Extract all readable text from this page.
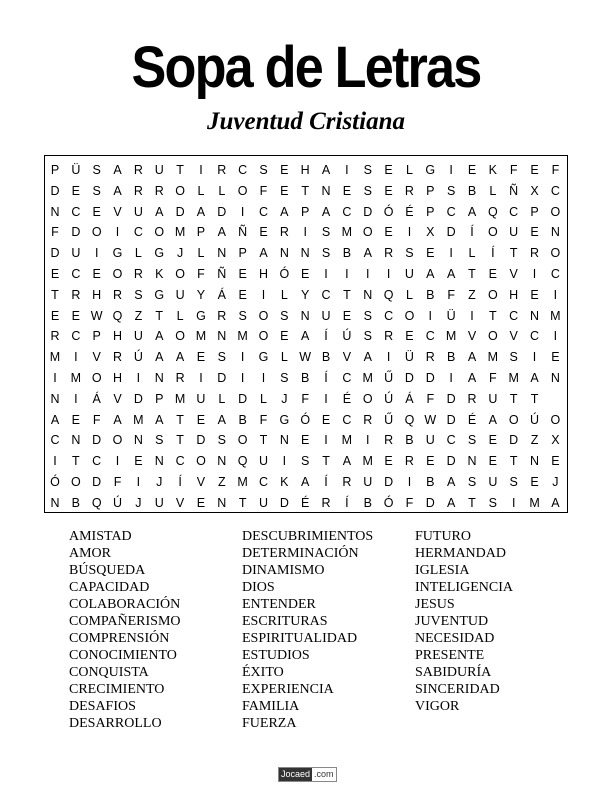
Sopa de Letras
Juventud Cristiana
P Ü S	A R U	T	I	R C S	E H A	I	S	E	L	G	I	E	K	F	E	F
D E	S	A R R O	L	L	O F	E	T	N E	S	E R P	S	B	L	Ñ X C
N C E	V U A D A D	I	C A	P	A C D Ó É	P C A Q C P O
F	D O	I	C O M P	A Ñ E R	I	S M O E	I	X D	Í	O U E N
D U	I	G	L	G	J	L	N P	A N N S	B	A R S	E	I	L	Í	T	R O
E C E O R K O F	Ñ E H Ó E	I	I	I	I	U A	A	T	E	V	I	C
T	R H R S G U Y	Á	E	I	L	Y C	T	N Q	L	B	F	Z O H E	I
E	E W Q Z	T	L	G R S O S N U E	S C O	I	Ü	I	T	C N M
R C P H U A O M N M O E	A	Í	Ú S R E C M V O V C	I
M	I	V R Ú A	A	E	S	I	G	L W B	V	A	I	Ü R B	A M S	I	E
I	M O H	I	N R	I	D	I	I	S	B	Í	C M Ű D D	I	A	F M A N
N	I	Á	V D P M U	L	D	L	J	F	I	É O Ú Á	F	D R U	T	T
A	E	F	A M A	T	E	A	B	F G Ó E C R Ű Q W D É	A O Ú O
C N D O N S	T	D S O T	N E	I	M	I	R B U C S	E D	Z	X
I	T	C	I	E N C O N Q U	I	S	T	A M E R E D N E	T	N E
Ó O D	F	I	J	Í	V	Z M C K	A	Í	R U D	I	B	A	S U S	E	J
N B Q Ú	J	U V	E N	T	U D É R	Í	B Ó F	D A	T	S	I	M A
AMISTAD
AMOR
BÚSQUEDA
CAPACIDAD
COLABORACIÓN
COMPAÑERISMO
COMPRENSIÓN
CONOCIMIENTO
CONQUISTA
CRECIMIENTO
DESAFIOS
DESARROLLO
DESCUBRIMIENTOS
DETERMINACIÓN
DINAMISMO
DIOS
ENTENDER
ESCRITURAS
ESPIRITUALIDAD
ESTUDIOS
ÉXITO
EXPERIENCIA
FAMILIA
FUERZA
FUTURO
HERMANDAD
IGLESIA
INTELIGENCIA
JESUS
JUVENTUD
NECESIDAD
PRESENTE
SABIDURÍA
SINCERIDAD
VIGOR
Jocaed .com
